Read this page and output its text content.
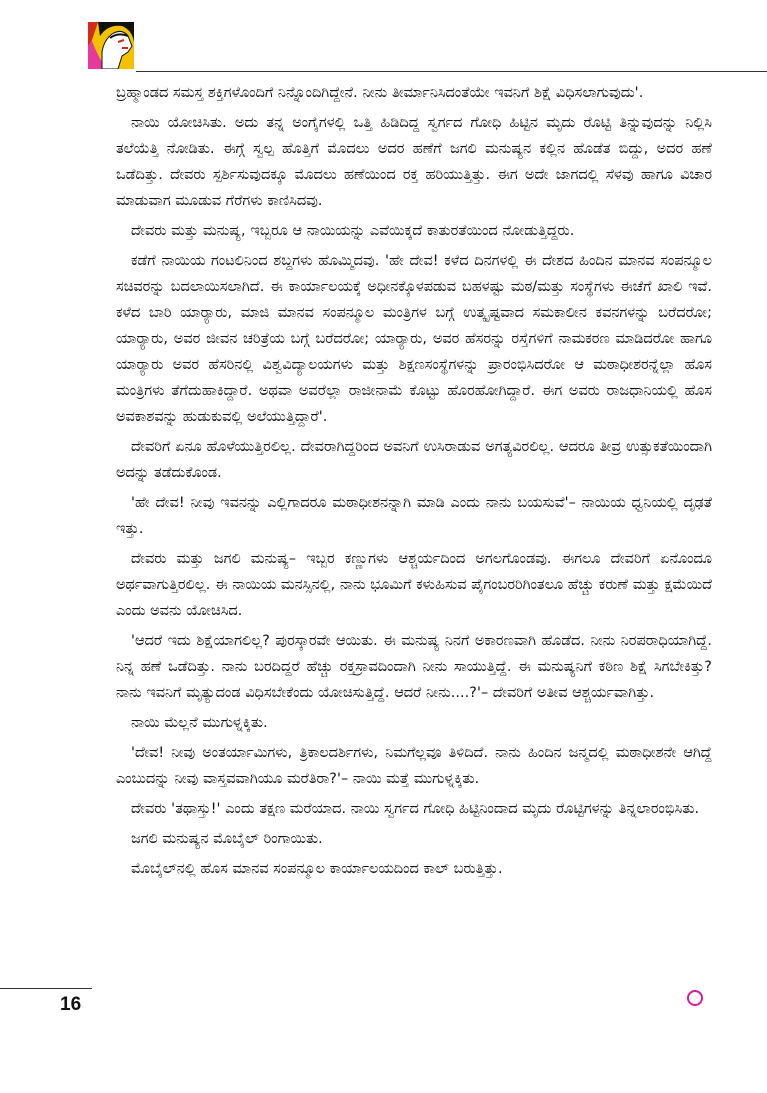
ಬ್ರಹ್ಮಾಂಡದ ಸಮಸ್ತ ಶಕ್ತಿಗಳೊಂದಿಗೆ ನಿನ್ನೊಂದಿಗಿದ್ದೇನೆ. ನೀನು ತೀರ್ಮಾನಿಸಿದಂತೆಯೇ ಇವನಿಗೆ ಶಿಕ್ಷೆ ವಿಧಿಸಲಾಗುವುದು'.

ನಾಯಿ ಯೋಚಿಸಿತು. ಅದು ತನ್ನ ಅಂಗೈಗಳಲ್ಲಿ ಒತ್ತಿ ಹಿಡಿದಿದ್ದ ಸ್ವರ್ಗದ ಗೋಧಿ ಹಿಟ್ಟಿನ ಮೃದು ರೊಟ್ಟಿ ತಿನ್ನುವುದನ್ನು ನಿಲ್ಲಿಸಿ ತಲೆಯೆತ್ತಿ ನೋಡಿತು. ಈಗ್ಗೆ ಸ್ವಲ್ಪ ಹೊತ್ತಿಗೆ ಮೊದಲು ಅದರ ಹಣೆಗೆ ಜಗಲಿ ಮನುಷ್ಯನ ಕಲ್ಲಿನ ಹೊಡೆತ ಬಿದ್ದು, ಅದರ ಹಣೆ ಒಡೆದಿತ್ತು. ದೇವರು ಸ್ಪರ್ಶಿಸುವುದಕ್ಕೂ ಮೊದಲು ಹಣೆಯಿಂದ ರಕ್ತ ಹರಿಯುತ್ತಿತ್ತು. ಈಗ ಅದೇ ಜಾಗದಲ್ಲಿ ಸೆಳವು ಹಾಗೂ ವಿಚಾರ ಮಾಡುವಾಗ ಮೂಡುವ ಗೆರೆಗಳು ಕಾಣಿಸಿದವು.

ದೇವರು ಮತ್ತು ಮನುಷ್ಯ, ಇಬ್ಬರೂ ಆ ನಾಯಿಯನ್ನು ಎವೆಯಿಕ್ಕದೆ ಕಾತುರತೆಯಿಂದ ನೋಡುತ್ತಿದ್ದರು.

ಕಡೆಗೆ ನಾಯಿಯ ಗಂಟಲಿನಿಂದ ಶಬ್ದಗಳು ಹೊಮ್ಮಿದವು. 'ಹೇ ದೇವ! ಕಳೆದ ದಿನಗಳಲ್ಲಿ ಈ ದೇಶದ ಹಿಂದಿನ ಮಾನವ ಸಂಪನ್ಮೂಲ ಸಚಿವರನ್ನು ಬದಲಾಯಿಸಲಾಗಿದೆ. ಈ ಕಾರ್ಯಾಲಯಕ್ಕೆ ಅಧೀನಕ್ಕೊಳಪಡುವ ಬಹಳಷ್ಟು ಮಠ/ಮತ್ತು ಸಂಸ್ಥೆಗಳು ಈಚೆಗೆ ಖಾಲಿ ಇವೆ. ಕಳೆದ ಬಾರಿ ಯಾರ್‍ಯಾರು, ಮಾಜಿ ಮಾನವ ಸಂಪನ್ಮೂಲ ಮಂತ್ರಿಗಳ ಬಗ್ಗೆ ಉತ್ಕೃಷ್ಟವಾದ ಸಮಕಾಲೀನ ಕವನಗಳನ್ನು ಬರೆದರೋ; ಯಾರ್‍ಯಾರು, ಅವರ ಜೀವನ ಚರಿತ್ರೆಯ ಬಗ್ಗೆ ಬರೆದರೋ; ಯಾರ್‍ಯಾರು, ಅವರ ಹೆಸರನ್ನು ರಸ್ತೆಗಳಿಗೆ ನಾಮಕರಣ ಮಾಡಿದರೋ ಹಾಗೂ ಯಾರ್‍ಯಾರು ಅವರ ಹೆಸರಿನಲ್ಲಿ ವಿಶ್ವವಿದ್ಯಾಲಯಗಳು ಮತ್ತು ಶಿಕ್ಷಣಸಂಸ್ಥೆಗಳನ್ನು ಪ್ರಾರಂಭಿಸಿದರೋ ಆ ಮಠಾಧೀಶರನ್ನೆಲ್ಲಾ ಹೊಸ ಮಂತ್ರಿಗಳು ತೆಗೆದುಹಾಕಿದ್ದಾರೆ. ಅಥವಾ ಅವರೆಲ್ಲಾ ರಾಜೀನಾಮೆ ಕೊಟ್ಟು ಹೊರಹೋಗಿದ್ದಾರೆ. ಈಗ ಅವರು ರಾಜಧಾನಿಯಲ್ಲಿ ಹೊಸ ಅವಕಾಶವನ್ನು ಹುಡುಕುವಲ್ಲಿ ಅಲೆಯುತ್ತಿದ್ದಾರೆ'.

ದೇವರಿಗೆ ಏನೂ ಹೊಳೆಯುತ್ತಿರಲಿಲ್ಲ. ದೇವರಾಗಿದ್ದರಿಂದ ಅವನಿಗೆ ಉಸಿರಾಡುವ ಅಗತ್ಯವಿರಲಿಲ್ಲ. ಆದರೂ ತೀವ್ರ ಉತ್ಸುಕತೆಯಿಂದಾಗಿ ಅದನ್ನು ತಡೆದುಕೊಂಡ.

'ಹೇ ದೇವ! ನೀವು ಇವನನ್ನು ಎಲ್ಲಿಗಾದರೂ ಮಠಾಧೀಶನನ್ನಾಗಿ ಮಾಡಿ ಎಂದು ನಾನು ಬಯಸುವೆ'– ನಾಯಿಯ ಧ್ವನಿಯಲ್ಲಿ ದೃಢತೆ ಇತ್ತು.

ದೇವರು ಮತ್ತು ಜಗಲಿ ಮನುಷ್ಯ– ಇಬ್ಬರ ಕಣ್ಣುಗಳು ಆಶ್ಚರ್ಯದಿಂದ ಅಗಲಗೊಂಡವು. ಈಗಲೂ ದೇವರಿಗೆ ಏನೊಂದೂ ಅರ್ಥವಾಗುತ್ತಿರಲಿಲ್ಲ. ಈ ನಾಯಿಯ ಮನಸ್ಸಿನಲ್ಲಿ, ನಾನು ಭೂಮಿಗೆ ಕಳುಹಿಸುವ ಪೈಗಂಬರರಿಗಿಂತಲೂ ಹೆಚ್ಚು ಕರುಣೆ ಮತ್ತು ಕ್ಷಮೆಯಿದೆ ಎಂದು ಅವನು ಯೋಚಿಸಿದ.

'ಆದರೆ ಇದು ಶಿಕ್ಷೆಯಾಗಲಿಲ್ಲ? ಪುರಸ್ಕಾರವೇ ಆಯಿತು. ಈ ಮನುಷ್ಯ ನಿನಗೆ ಅಕಾರಣವಾಗಿ ಹೊಡೆದ. ನೀನು ನಿರಪರಾಧಿಯಾಗಿದ್ದೆ. ನಿನ್ನ ಹಣೆ ಒಡೆದಿತ್ತು. ನಾನು ಬರದಿದ್ದರೆ ಹೆಚ್ಚು ರಕ್ತಸ್ರಾವದಿಂದಾಗಿ ನೀನು ಸಾಯುತ್ತಿದ್ದೆ. ಈ ಮನುಷ್ಯನಿಗೆ ಕಠಿಣ ಶಿಕ್ಷೆ ಸಿಗಬೇಕಿತ್ತು? ನಾನು ಇವನಿಗೆ ಮೃತ್ಯುದಂಡ ವಿಧಿಸಬೇಕೆಂದು ಯೋಚಿಸುತ್ತಿದ್ದೆ. ಆದರೆ ನೀನು....?'– ದೇವರಿಗೆ ಅತೀವ ಆಶ್ಚರ್ಯವಾಗಿತ್ತು.

ನಾಯಿ ಮೆಲ್ಲನೆ ಮುಗುಳ್ನಕ್ಕಿತು.

'ದೇವ! ನೀವು ಅಂತರ್ಯಾಮಿಗಳು, ತ್ರಿಕಾಲದರ್ಶಿಗಳು, ನಿಮಗೆಲ್ಲವೂ ತಿಳಿದಿದೆ. ನಾನು ಹಿಂದಿನ ಜನ್ಮದಲ್ಲಿ ಮಠಾಧೀಶನೇ ಆಗಿದ್ದೆ ಎಂಬುದನ್ನು ನೀವು ವಾಸ್ತವವಾಗಿಯೂ ಮರೆತಿರಾ?'– ನಾಯಿ ಮತ್ತೆ ಮುಗುಳ್ನಕ್ಕಿತು.

ದೇವರು 'ತಥಾಸ್ತು!' ಎಂದು ತಕ್ಷಣ ಮರೆಯಾದ. ನಾಯಿ ಸ್ವರ್ಗದ ಗೋಧಿ ಹಿಟ್ಟಿನಿಂದಾದ ಮೃದು ರೊಟ್ಟಿಗಳನ್ನು ತಿನ್ನಲಾರಂಭಿಸಿತು.

ಜಗಲಿ ಮನುಷ್ಯನ ಮೊಬೈಲ್ ರಿಂಗಾಯಿತು.

ಮೊಬೈಲ್‌ನಲ್ಲಿ ಹೊಸ ಮಾನವ ಸಂಪನ್ಮೂಲ ಕಾರ್ಯಾಲಯದಿಂದ ಕಾಲ್ ಬರುತ್ತಿತ್ತು.

16
